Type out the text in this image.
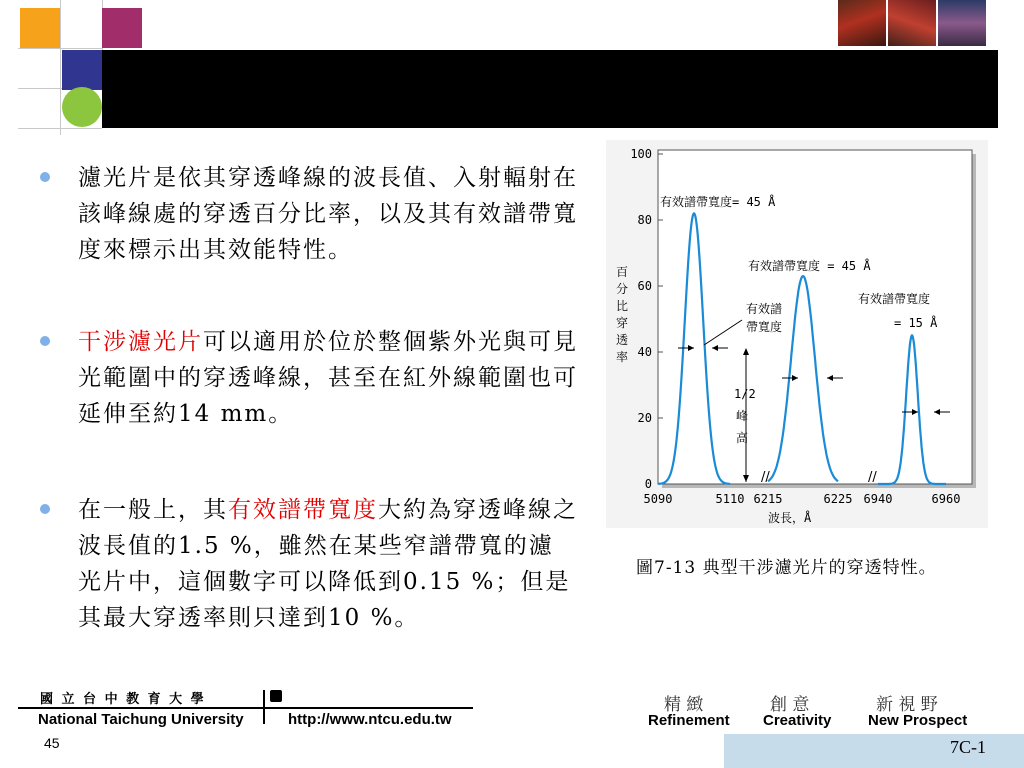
濾光片是依其穿透峰線的波長值、入射輻射在該峰線處的穿透百分比率，以及其有效譜帶寬度來標示出其效能特性。
干涉濾光片可以適用於位於整個紫外光與可見光範圍中的穿透峰線，甚至在紅外線範圍也可延伸至約14 mm。
在一般上，其有效譜帶寬度大約為穿透峰線之波長值的1.5 %，雖然在某些窄譜帶寬的濾光片中，這個數字可以降低到0.15 %；但是其最大穿透率則只達到10 %。
100
80
60
40
20
0
5090	5110 6215	6225 6940	6960
//	//
有效譜帶寬度= 45 Å
有效譜帶寬度 = 45 Å
有效譜帶寬度
= 15 Å
有效譜
帶寬度
1/2
峰
高
波長，Å
百
分
比
穿
透
率
圖7-13 典型干涉濾光片的穿透特性。
國 立 台 中 教 育 大 學
National Taichung University	http://www.ntcu.edu.tw
45
精 緻	創 意	新 視 野
Refinement Creativity New Prospect
7C-1
